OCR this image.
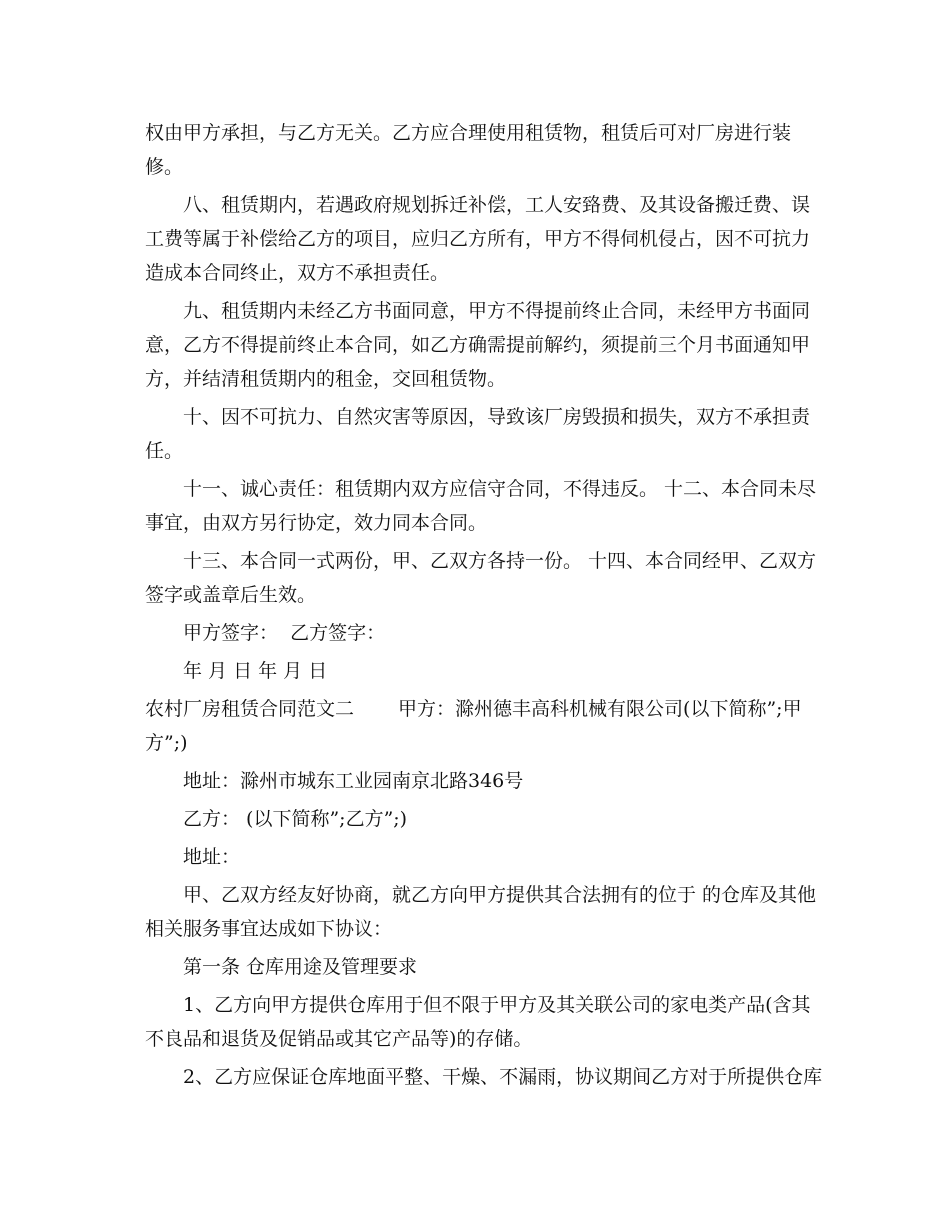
权由甲方承担，与乙方无关。乙方应合理使用租赁物，租赁后可对厂房进行装
修。
　　八、租赁期内，若遇政府规划拆迁补偿，工人安臵费、及其设备搬迁费、误
工费等属于补偿给乙方的项目，应归乙方所有，甲方不得伺机侵占，因不可抗力
造成本合同终止，双方不承担责任。
　　九、租赁期内未经乙方书面同意，甲方不得提前终止合同，未经甲方书面同
意，乙方不得提前终止本合同，如乙方确需提前解约，须提前三个月书面通知甲
方，并结清租赁期内的租金，交回租赁物。
　　十、因不可抗力、自然灾害等原因，导致该厂房毁损和损失，双方不承担责
任。
　　十一、诚心责任：租赁期内双方应信守合同，不得违反。 十二、本合同未尽
事宜，由双方另行协定，效力同本合同。
　　十三、本合同一式两份，甲、乙双方各持一份。 十四、本合同经甲、乙双方
签字或盖章后生效。
　　甲方签字：  乙方签字：
　　年 月 日 年 月 日
农村厂房租赁合同范文二　　 甲方：滁州德丰高科机械有限公司(以下简称”;甲
方”;)
　　地址：滁州市城东工业园南京北路346号
　　乙方： (以下简称”;乙方”;)
　　地址：
　　甲、乙双方经友好协商，就乙方向甲方提供其合法拥有的位于 的仓库及其他
相关服务事宜达成如下协议：
　　第一条 仓库用途及管理要求
　　1、乙方向甲方提供仓库用于但不限于甲方及其关联公司的家电类产品(含其
不良品和退货及促销品或其它产品等)的存储。
　　2、乙方应保证仓库地面平整、干燥、不漏雨，协议期间乙方对于所提供仓库
